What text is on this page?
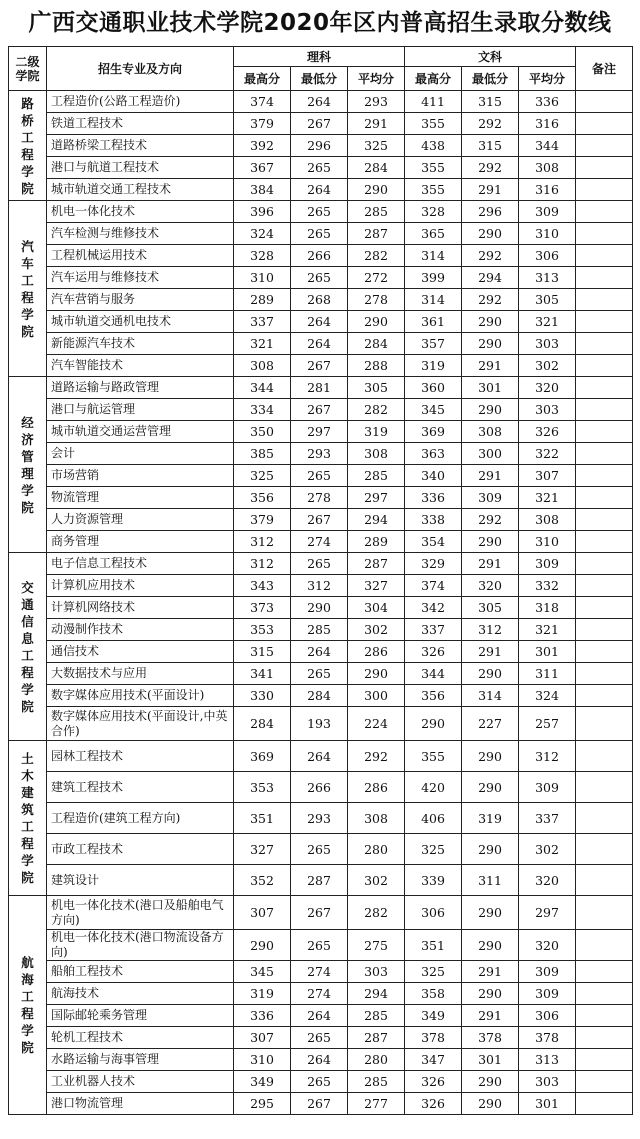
广西交通职业技术学院2020年区内普高招生录取分数线
二级学院	招生专业及方向	理科			文科			备注
		最高分	最低分	平均分	最高分	最低分	平均分	

路桥工程学院	工程造价(公路工程造价)	374	264	293	411	315	336	
	铁道工程技术	379	267	291	355	292	316	
	道路桥梁工程技术	392	296	325	438	315	344	
	港口与航道工程技术	367	265	284	355	292	308	
	城市轨道交通工程技术	384	264	290	355	291	316	

汽车工程学院	机电一体化技术	396	265	285	328	296	309	
	汽车检测与维修技术	324	265	287	365	290	310	
	工程机械运用技术	328	266	282	314	292	306	
	汽车运用与维修技术	310	265	272	399	294	313	
	汽车营销与服务	289	268	278	314	292	305	
	城市轨道交通机电技术	337	264	290	361	290	321	
	新能源汽车技术	321	264	284	357	290	303	
	汽车智能技术	308	267	288	319	291	302	

经济管理学院	道路运输与路政管理	344	281	305	360	301	320	
	港口与航运管理	334	267	282	345	290	303	
	城市轨道交通运营管理	350	297	319	369	308	326	
	会计	385	293	308	363	300	322	
	市场营销	325	265	285	340	291	307	
	物流管理	356	278	297	336	309	321	
	人力资源管理	379	267	294	338	292	308	
	商务管理	312	274	289	354	290	310	

交通信息工程学院	电子信息工程技术	312	265	287	329	291	309	
	计算机应用技术	343	312	327	374	320	332	
	计算机网络技术	373	290	304	342	305	318	
	动漫制作技术	353	285	302	337	312	321	
	通信技术	315	264	286	326	291	301	
	大数据技术与应用	341	265	290	344	290	311	
	数字媒体应用技术(平面设计)	330	284	300	356	314	324	
	数字媒体应用技术(平面设计,中英合作)	284	193	224	290	227	257	

土木建筑工程学院	园林工程技术	369	264	292	355	290	312	
	建筑工程技术	353	266	286	420	290	309	
	工程造价(建筑工程方向)	351	293	308	406	319	337	
	市政工程技术	327	265	280	325	290	302	
	建筑设计	352	287	302	339	311	320	

航海工程学院	机电一体化技术(港口及船舶电气方向)	307	267	282	306	290	297	
	机电一体化技术(港口物流设备方向)	290	265	275	351	290	320	
	船舶工程技术	345	274	303	325	291	309	
	航海技术	319	274	294	358	290	309	
	国际邮轮乘务管理	336	264	285	349	291	306	
	轮机工程技术	307	265	287	378	378	378	
	水路运输与海事管理	310	264	280	347	301	313	
	工业机器人技术	349	265	285	326	290	303	
	港口物流管理	295	267	277	326	290	301	
